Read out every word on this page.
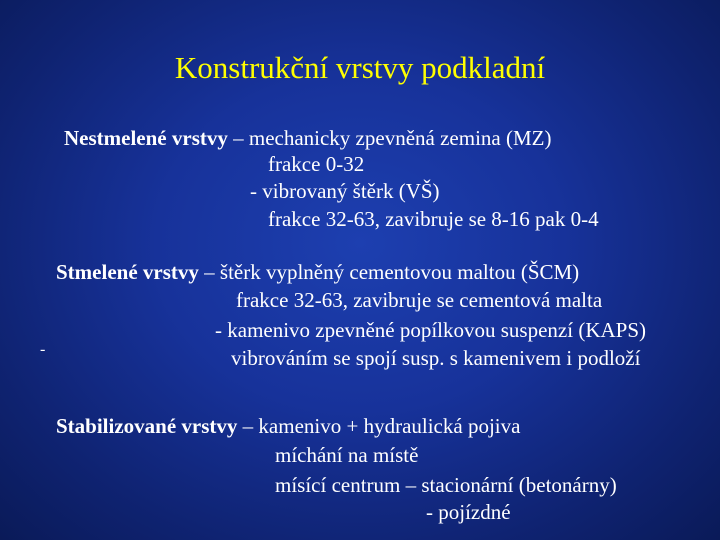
Konstrukční vrstvy podkladní
Nestmelené vrstvy – mechanicky zpevněná zemina (MZ)
frakce 0-32
- vibrovaný štěrk (VŠ)
frakce 32-63, zavibruje se 8-16 pak 0-4
Stmelené vrstvy – štěrk vyplněný cementovou maltou (ŠCM)
frakce 32-63, zavibruje se cementová malta
- kamenivo zpevněné popílkovou suspenzí (KAPS)
vibrováním se spojí susp. s kamenivem i podloží
-
Stabilizované vrstvy – kamenivo + hydraulická pojiva
míchání na místě
mísící centrum – stacionární (betonárny)
- pojízdné
